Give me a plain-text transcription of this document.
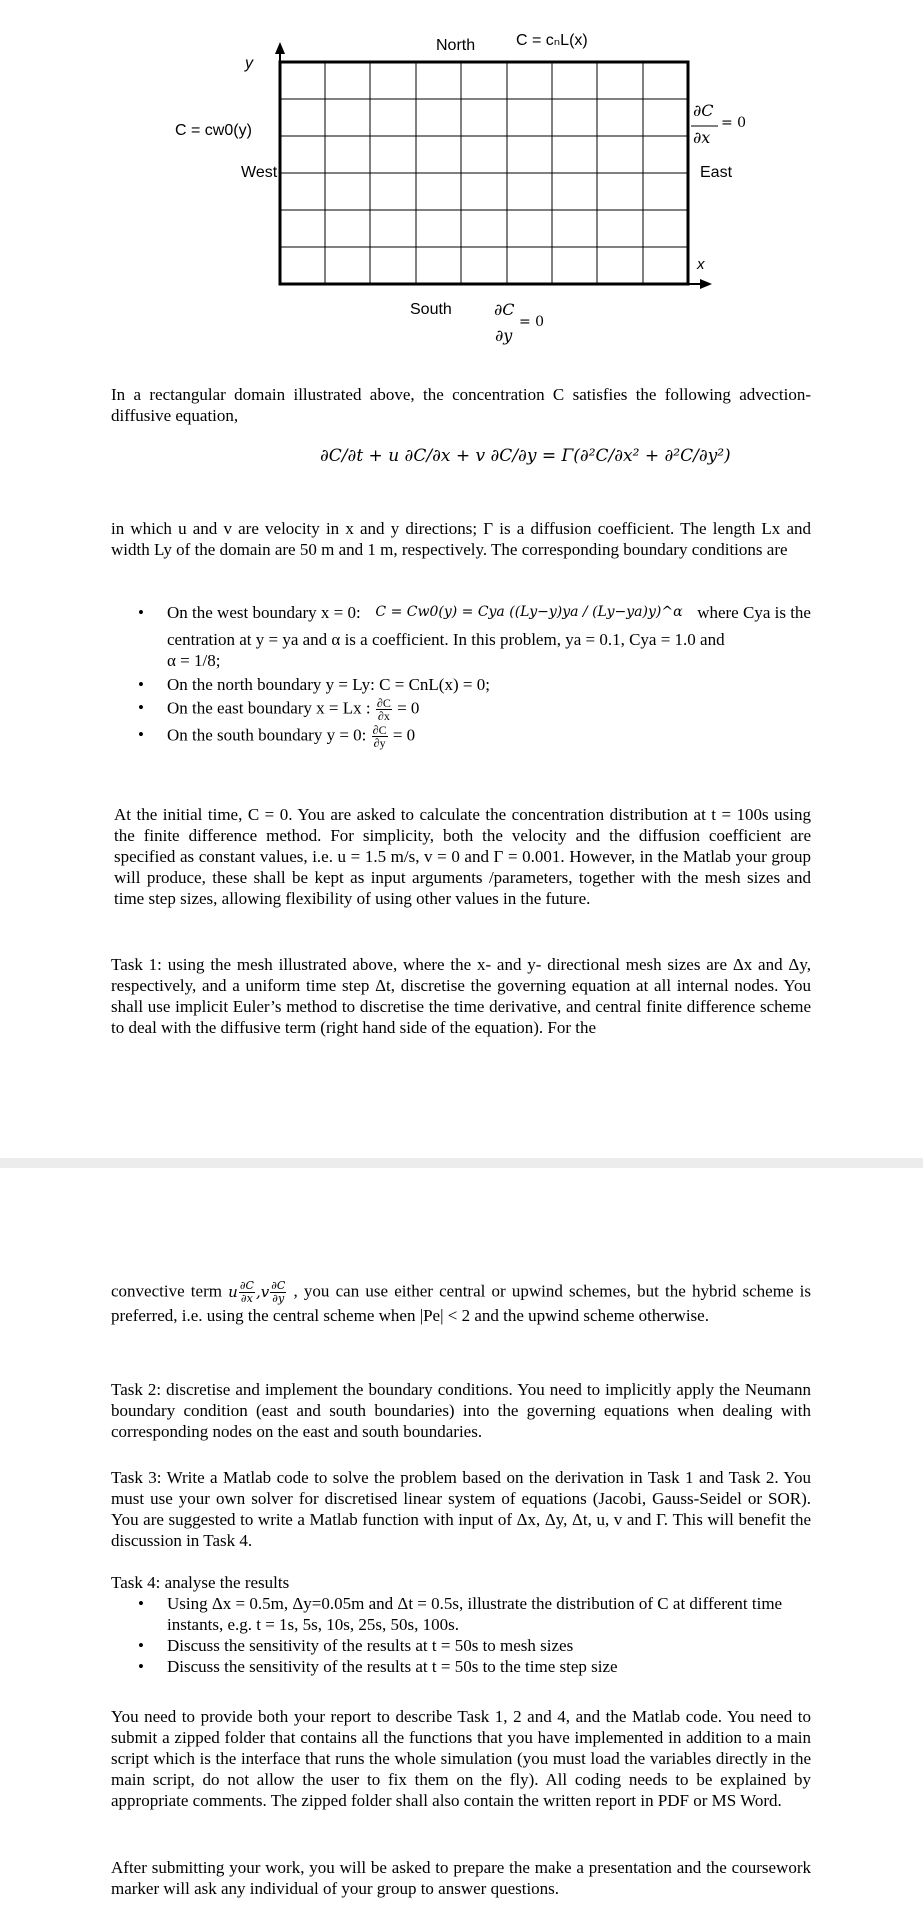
North	C = cₙL(x)
y
C = cw0(y)
West	East
∂C
∂x
= 0
x
South	∂C
∂y
= 0

In a rectangular domain illustrated above, the concentration C satisfies the following advection-diffusive equation,

∂C/∂t + u ∂C/∂x + v ∂C/∂y = Γ(∂²C/∂x² + ∂²C/∂y²)

in which u and v are velocity in x and y directions; Γ is a diffusion coefficient. The length Lx and width Ly of the domain are 50 m and 1 m, respectively. The corresponding boundary conditions are

• On the west boundary x = 0: C = Cw0(y) = Cya ((Ly−y)ya / (Ly−ya)y)^α where Cya is the
centration at y = ya and α is a coefficient. In this problem, ya = 0.1, Cya = 1.0 and
α = 1/8;
• On the north boundary y = Ly: C = CnL(x) = 0;
• On the east boundary x = Lx : $\frac{\partial C}{\partial x} = 0$
• On the south boundary y = 0: $\frac{\partial C}{\partial y} = 0$

At the initial time, C = 0. You are asked to calculate the concentration distribution at t = 100s using the finite difference method. For simplicity, both the velocity and the diffusion coefficient are specified as constant values, i.e. u = 1.5 m/s, v = 0 and Γ = 0.001. However, in the Matlab your group will produce, these shall be kept as input arguments /parameters, together with the mesh sizes and time step sizes, allowing flexibility of using other values in the future.

Task 1: using the mesh illustrated above, where the x- and y- directional mesh sizes are Δx and Δy, respectively, and a uniform time step Δt, discretise the governing equation at all internal nodes. You shall use implicit Euler’s method to discretise the time derivative, and central finite difference scheme to deal with the diffusive term (right hand side of the equation). For the

convective term u $\frac{\partial C}{\partial x} ,v \frac{\partial C}{\partial y}$ , you can use either central or upwind schemes, but the hybrid scheme is preferred, i.e. using the central scheme when |Pe| < 2 and the upwind scheme otherwise.

Task 2: discretise and implement the boundary conditions. You need to implicitly apply the Neumann boundary condition (east and south boundaries) into the governing equations when dealing with corresponding nodes on the east and south boundaries.

Task 3: Write a Matlab code to solve the problem based on the derivation in Task 1 and Task 2. You must use your own solver for discretised linear system of equations (Jacobi, Gauss-Seidel or SOR). You are suggested to write a Matlab function with input of Δx, Δy, Δt, u, v and Γ. This will benefit the discussion in Task 4.

Task 4: analyse the results

• Using Δx = 0.5m, Δy=0.05m and Δt = 0.5s, illustrate the distribution of C at different time instants, e.g. t = 1s, 5s, 10s, 25s, 50s, 100s.
• Discuss the sensitivity of the results at t = 50s to mesh sizes
• Discuss the sensitivity of the results at t = 50s to the time step size

You need to provide both your report to describe Task 1, 2 and 4, and the Matlab code. You need to submit a zipped folder that contains all the functions that you have implemented in addition to a main script which is the interface that runs the whole simulation (you must load the variables directly in the main script, do not allow the user to fix them on the fly). All coding needs to be explained by appropriate comments. The zipped folder shall also contain the written report in PDF or MS Word.

After submitting your work, you will be asked to prepare the make a presentation and the coursework marker will ask any individual of your group to answer questions.
